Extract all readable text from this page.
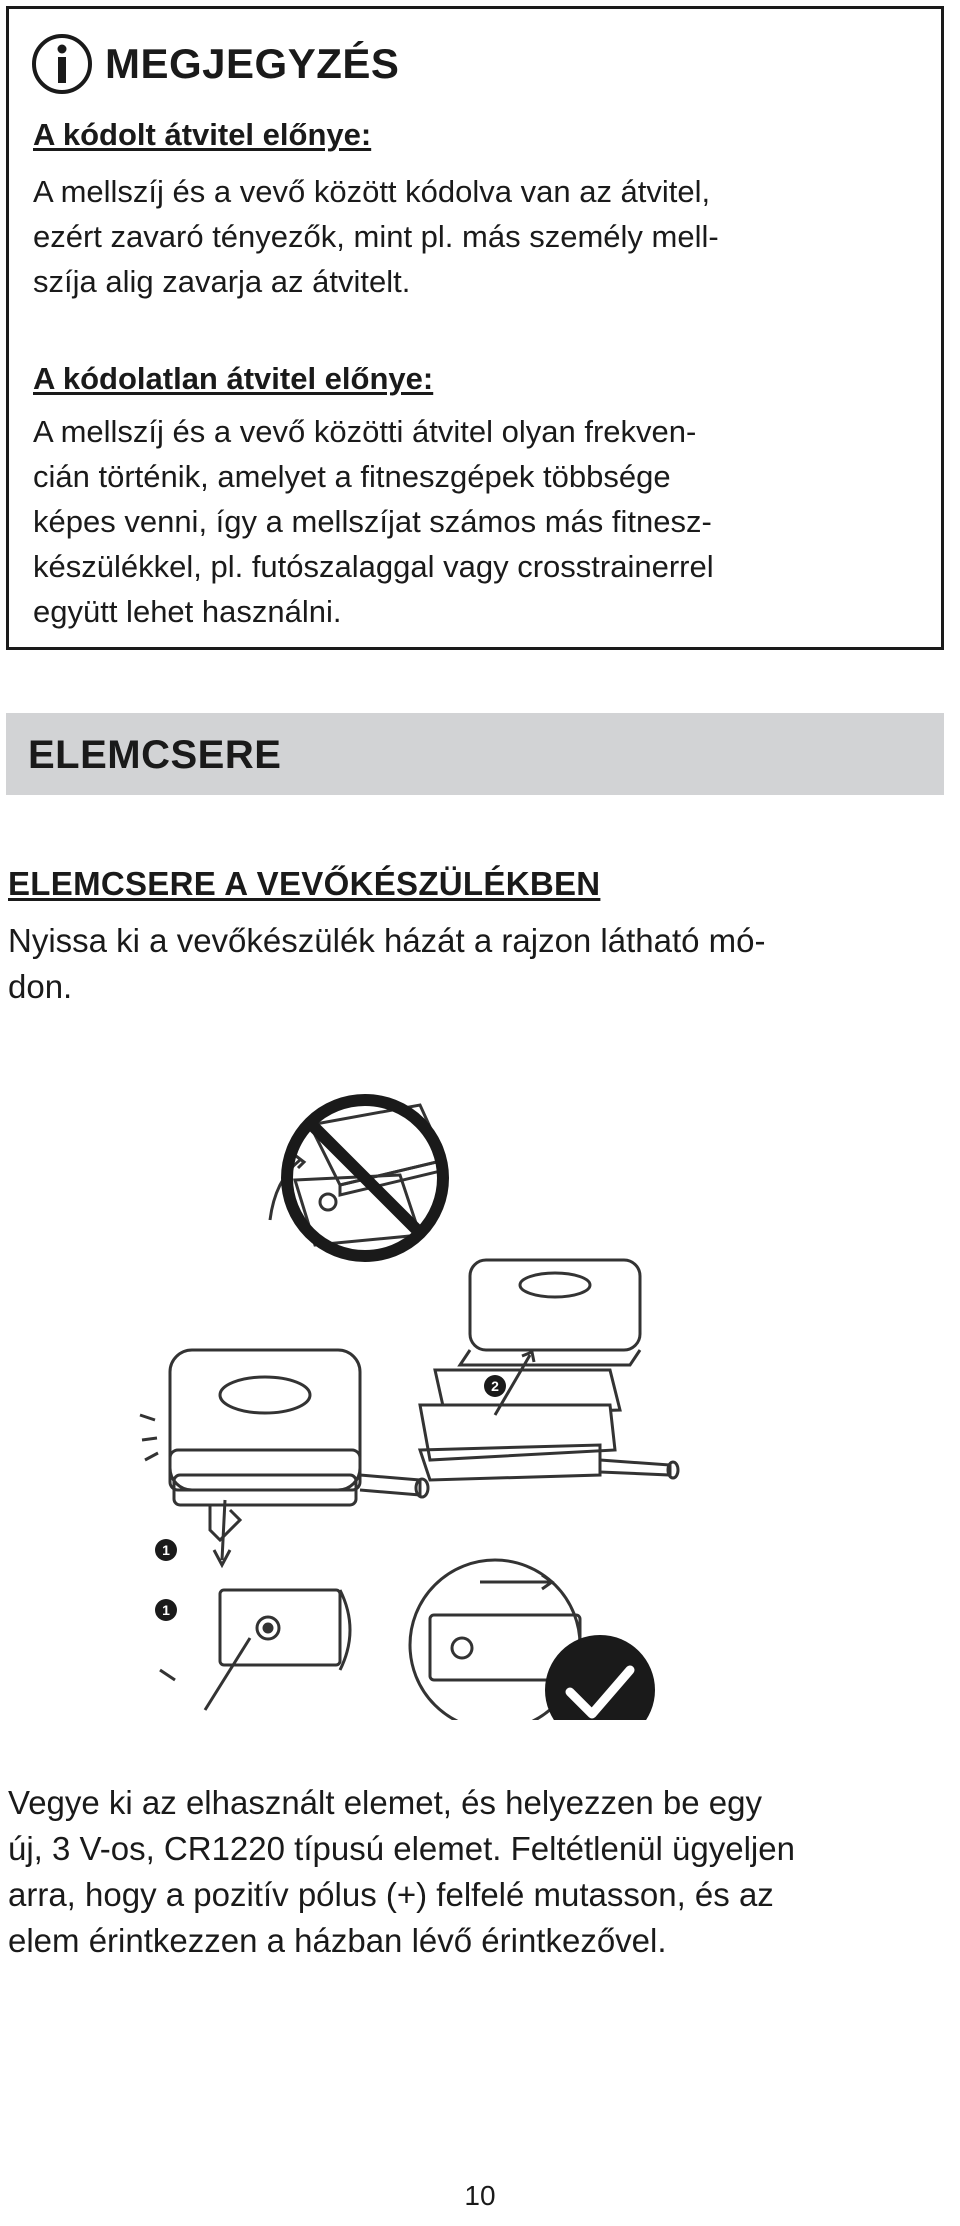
MEGJEGYZÉS
A kódolt átvitel előnye:
A mellszíj és a vevő között kódolva van az átvitel,
ezért zavaró tényezők, mint pl. más személy mell-
szíja alig zavarja az átvitelt.
A kódolatlan átvitel előnye:
A mellszíj és a vevő közötti átvitel olyan frekven-
cián történik, amelyet a fitneszgépek többsége
képes venni, így a mellszíjat számos más fitnesz-
készülékkel, pl. futószalaggal vagy crosstrainerrel
együtt lehet használni.
ELEMCSERE
ELEMCSERE A VEVŐKÉSZÜLÉKBEN
Nyissa ki a vevőkészülék házát a rajzon látható mó-
don.
1
2
1
Vegye ki az elhasznált elemet, és helyezzen be egy
új, 3 V-os, CR1220 típusú elemet. Feltétlenül ügyeljen
arra, hogy a pozitív pólus (+) felfelé mutasson, és az
elem érintkezzen a házban lévő érintkezővel.
10
